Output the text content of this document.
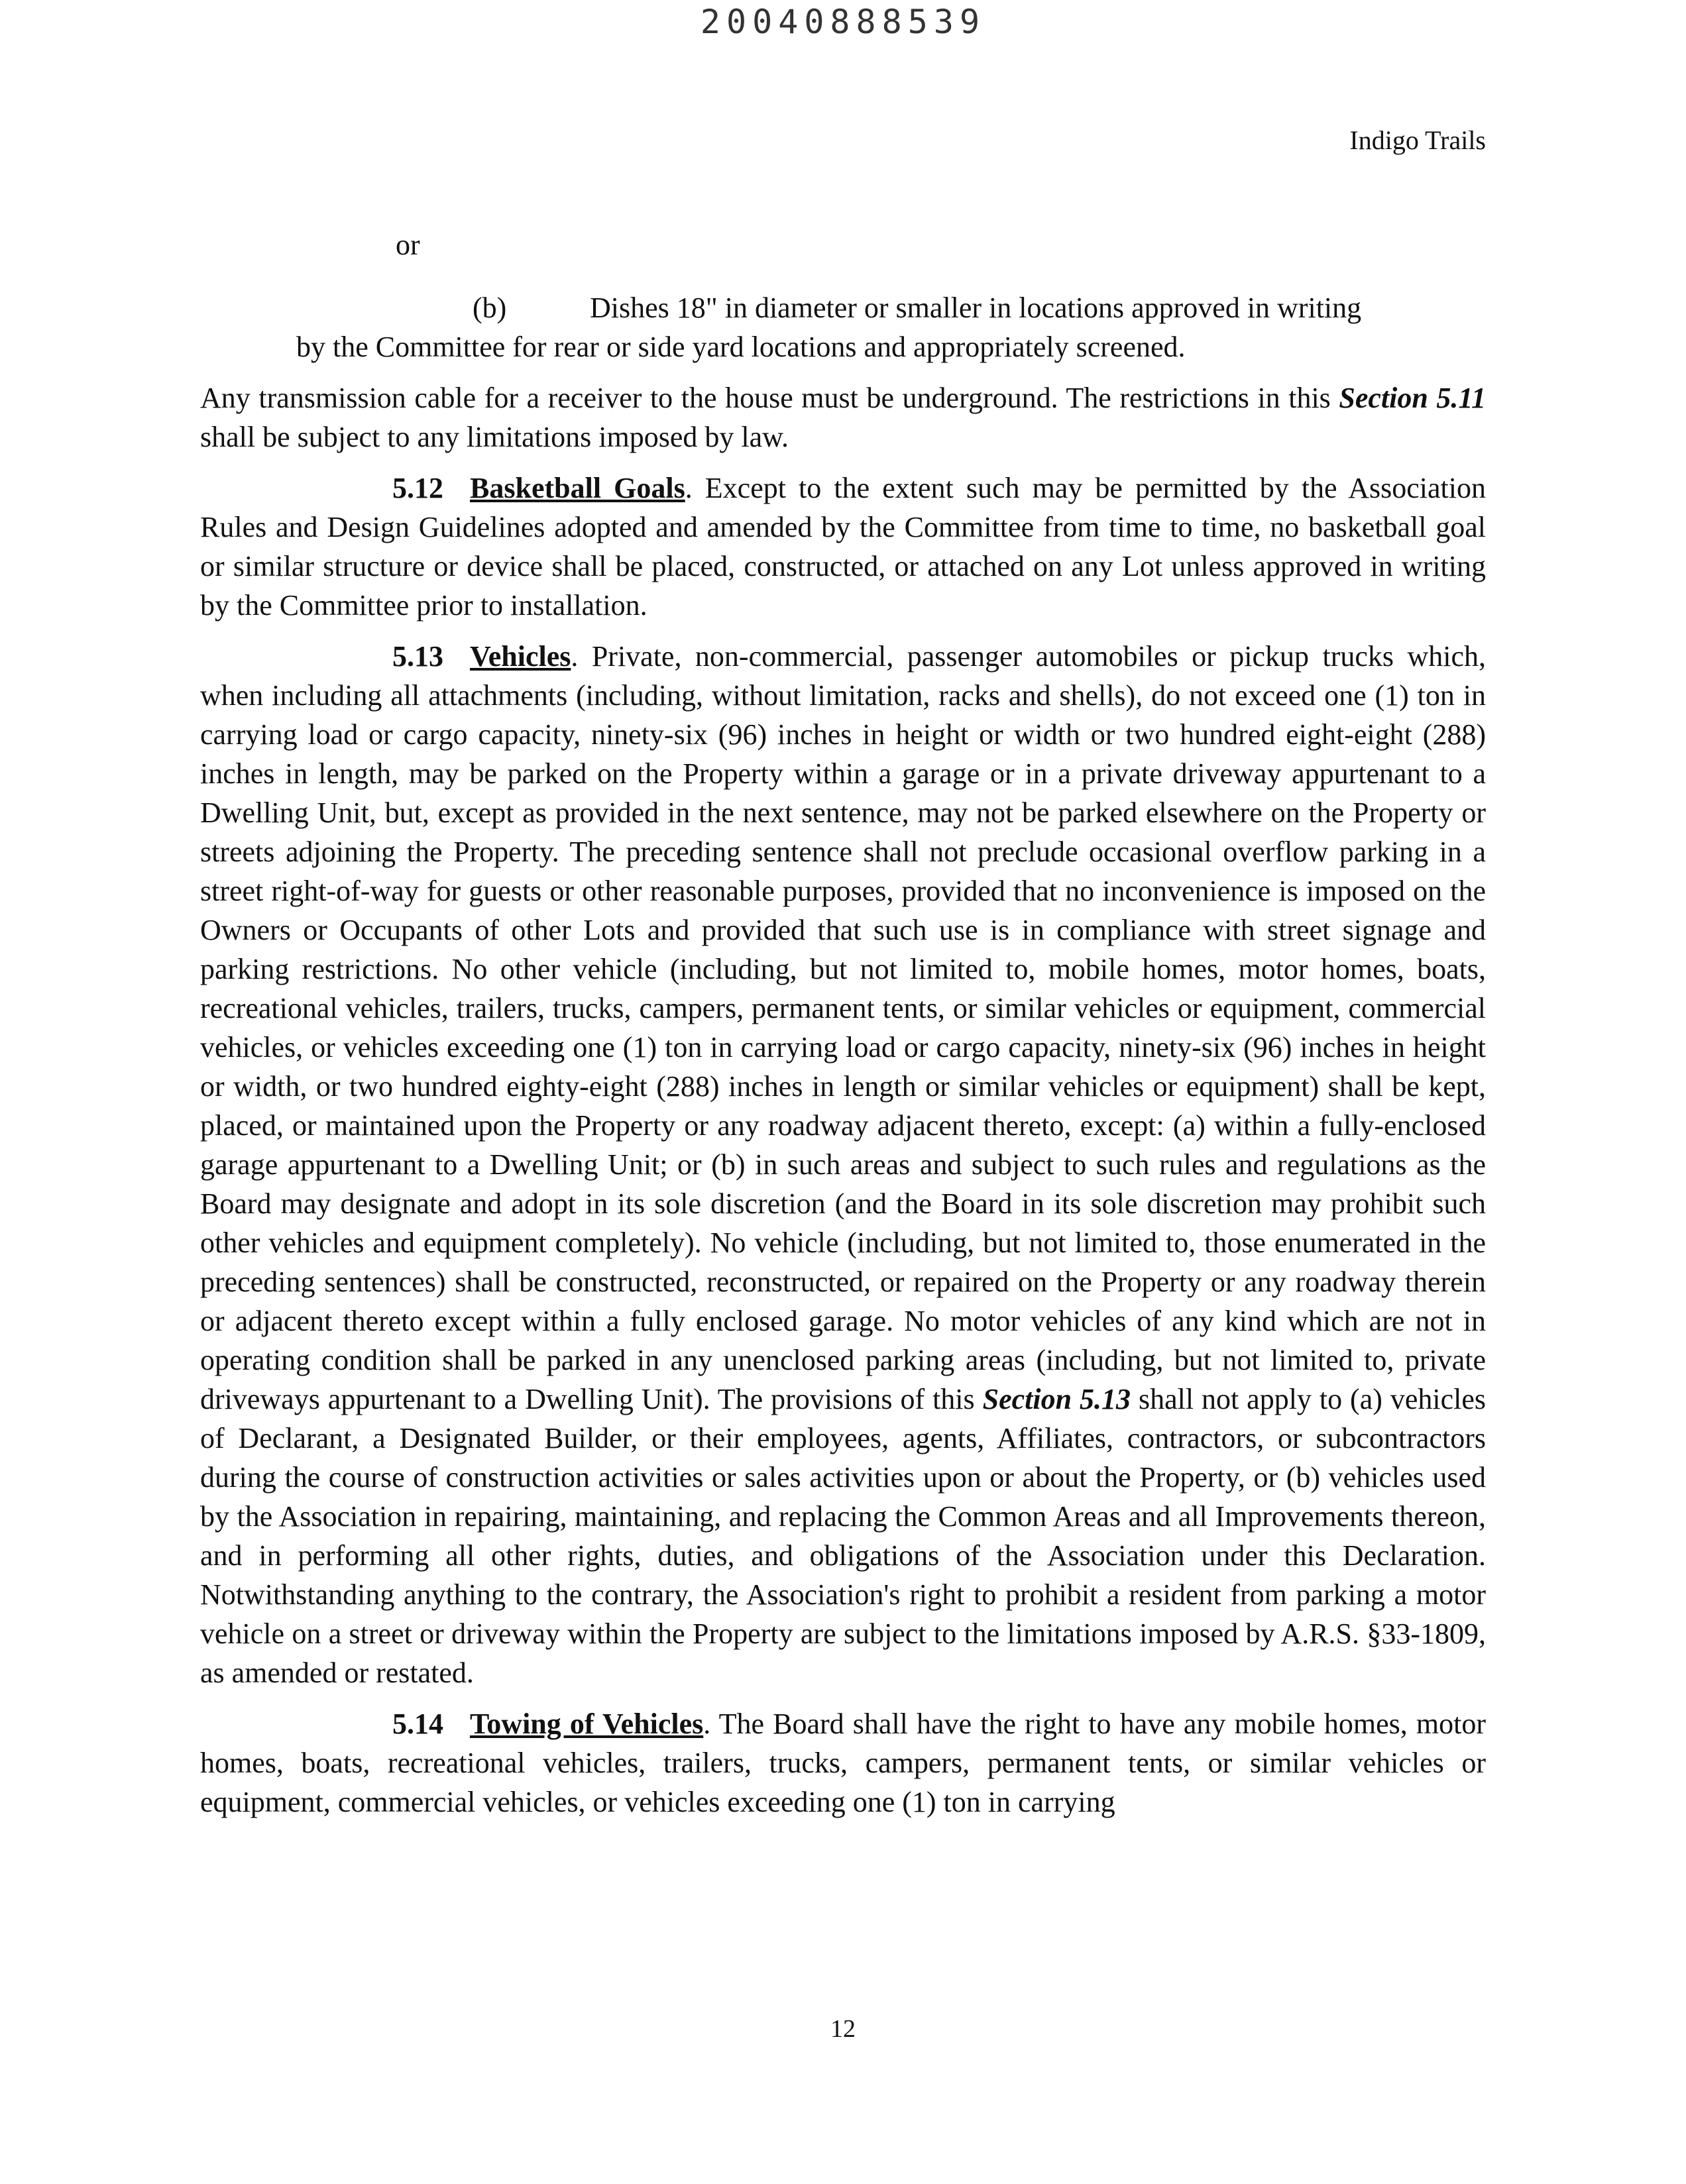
20040888539
Indigo Trails

or

(b)	Dishes 18" in diameter or smaller in locations approved in writing
by the Committee for rear or side yard locations and appropriately screened.

Any transmission cable for a receiver to the house must be underground. The restrictions in this Section 5.11 shall be subject to any limitations imposed by law.

5.12 Basketball Goals. Except to the extent such may be permitted by the Association Rules and Design Guidelines adopted and amended by the Committee from time to time, no basketball goal or similar structure or device shall be placed, constructed, or attached on any Lot unless approved in writing by the Committee prior to installation.

5.13 Vehicles. Private, non-commercial, passenger automobiles or pickup trucks which, when including all attachments (including, without limitation, racks and shells), do not exceed one (1) ton in carrying load or cargo capacity, ninety-six (96) inches in height or width or two hundred eight-eight (288) inches in length, may be parked on the Property within a garage or in a private driveway appurtenant to a Dwelling Unit, but, except as provided in the next sentence, may not be parked elsewhere on the Property or streets adjoining the Property. The preceding sentence shall not preclude occasional overflow parking in a street right-of-way for guests or other reasonable purposes, provided that no inconvenience is imposed on the Owners or Occupants of other Lots and provided that such use is in compliance with street signage and parking restrictions. No other vehicle (including, but not limited to, mobile homes, motor homes, boats, recreational vehicles, trailers, trucks, campers, permanent tents, or similar vehicles or equipment, commercial vehicles, or vehicles exceeding one (1) ton in carrying load or cargo capacity, ninety-six (96) inches in height or width, or two hundred eighty-eight (288) inches in length or similar vehicles or equipment) shall be kept, placed, or maintained upon the Property or any roadway adjacent thereto, except: (a) within a fully-enclosed garage appurtenant to a Dwelling Unit; or (b) in such areas and subject to such rules and regulations as the Board may designate and adopt in its sole discretion (and the Board in its sole discretion may prohibit such other vehicles and equipment completely). No vehicle (including, but not limited to, those enumerated in the preceding sentences) shall be constructed, reconstructed, or repaired on the Property or any roadway therein or adjacent thereto except within a fully enclosed garage. No motor vehicles of any kind which are not in operating condition shall be parked in any unenclosed parking areas (including, but not limited to, private driveways appurtenant to a Dwelling Unit). The provisions of this Section 5.13 shall not apply to (a) vehicles of Declarant, a Designated Builder, or their employees, agents, Affiliates, contractors, or subcontractors during the course of construction activities or sales activities upon or about the Property, or (b) vehicles used by the Association in repairing, maintaining, and replacing the Common Areas and all Improvements thereon, and in performing all other rights, duties, and obligations of the Association under this Declaration. Notwithstanding anything to the contrary, the Association's right to prohibit a resident from parking a motor vehicle on a street or driveway within the Property are subject to the limitations imposed by A.R.S. §33-1809, as amended or restated.

5.14 Towing of Vehicles. The Board shall have the right to have any mobile homes, motor homes, boats, recreational vehicles, trailers, trucks, campers, permanent tents, or similar vehicles or equipment, commercial vehicles, or vehicles exceeding one (1) ton in carrying

12
